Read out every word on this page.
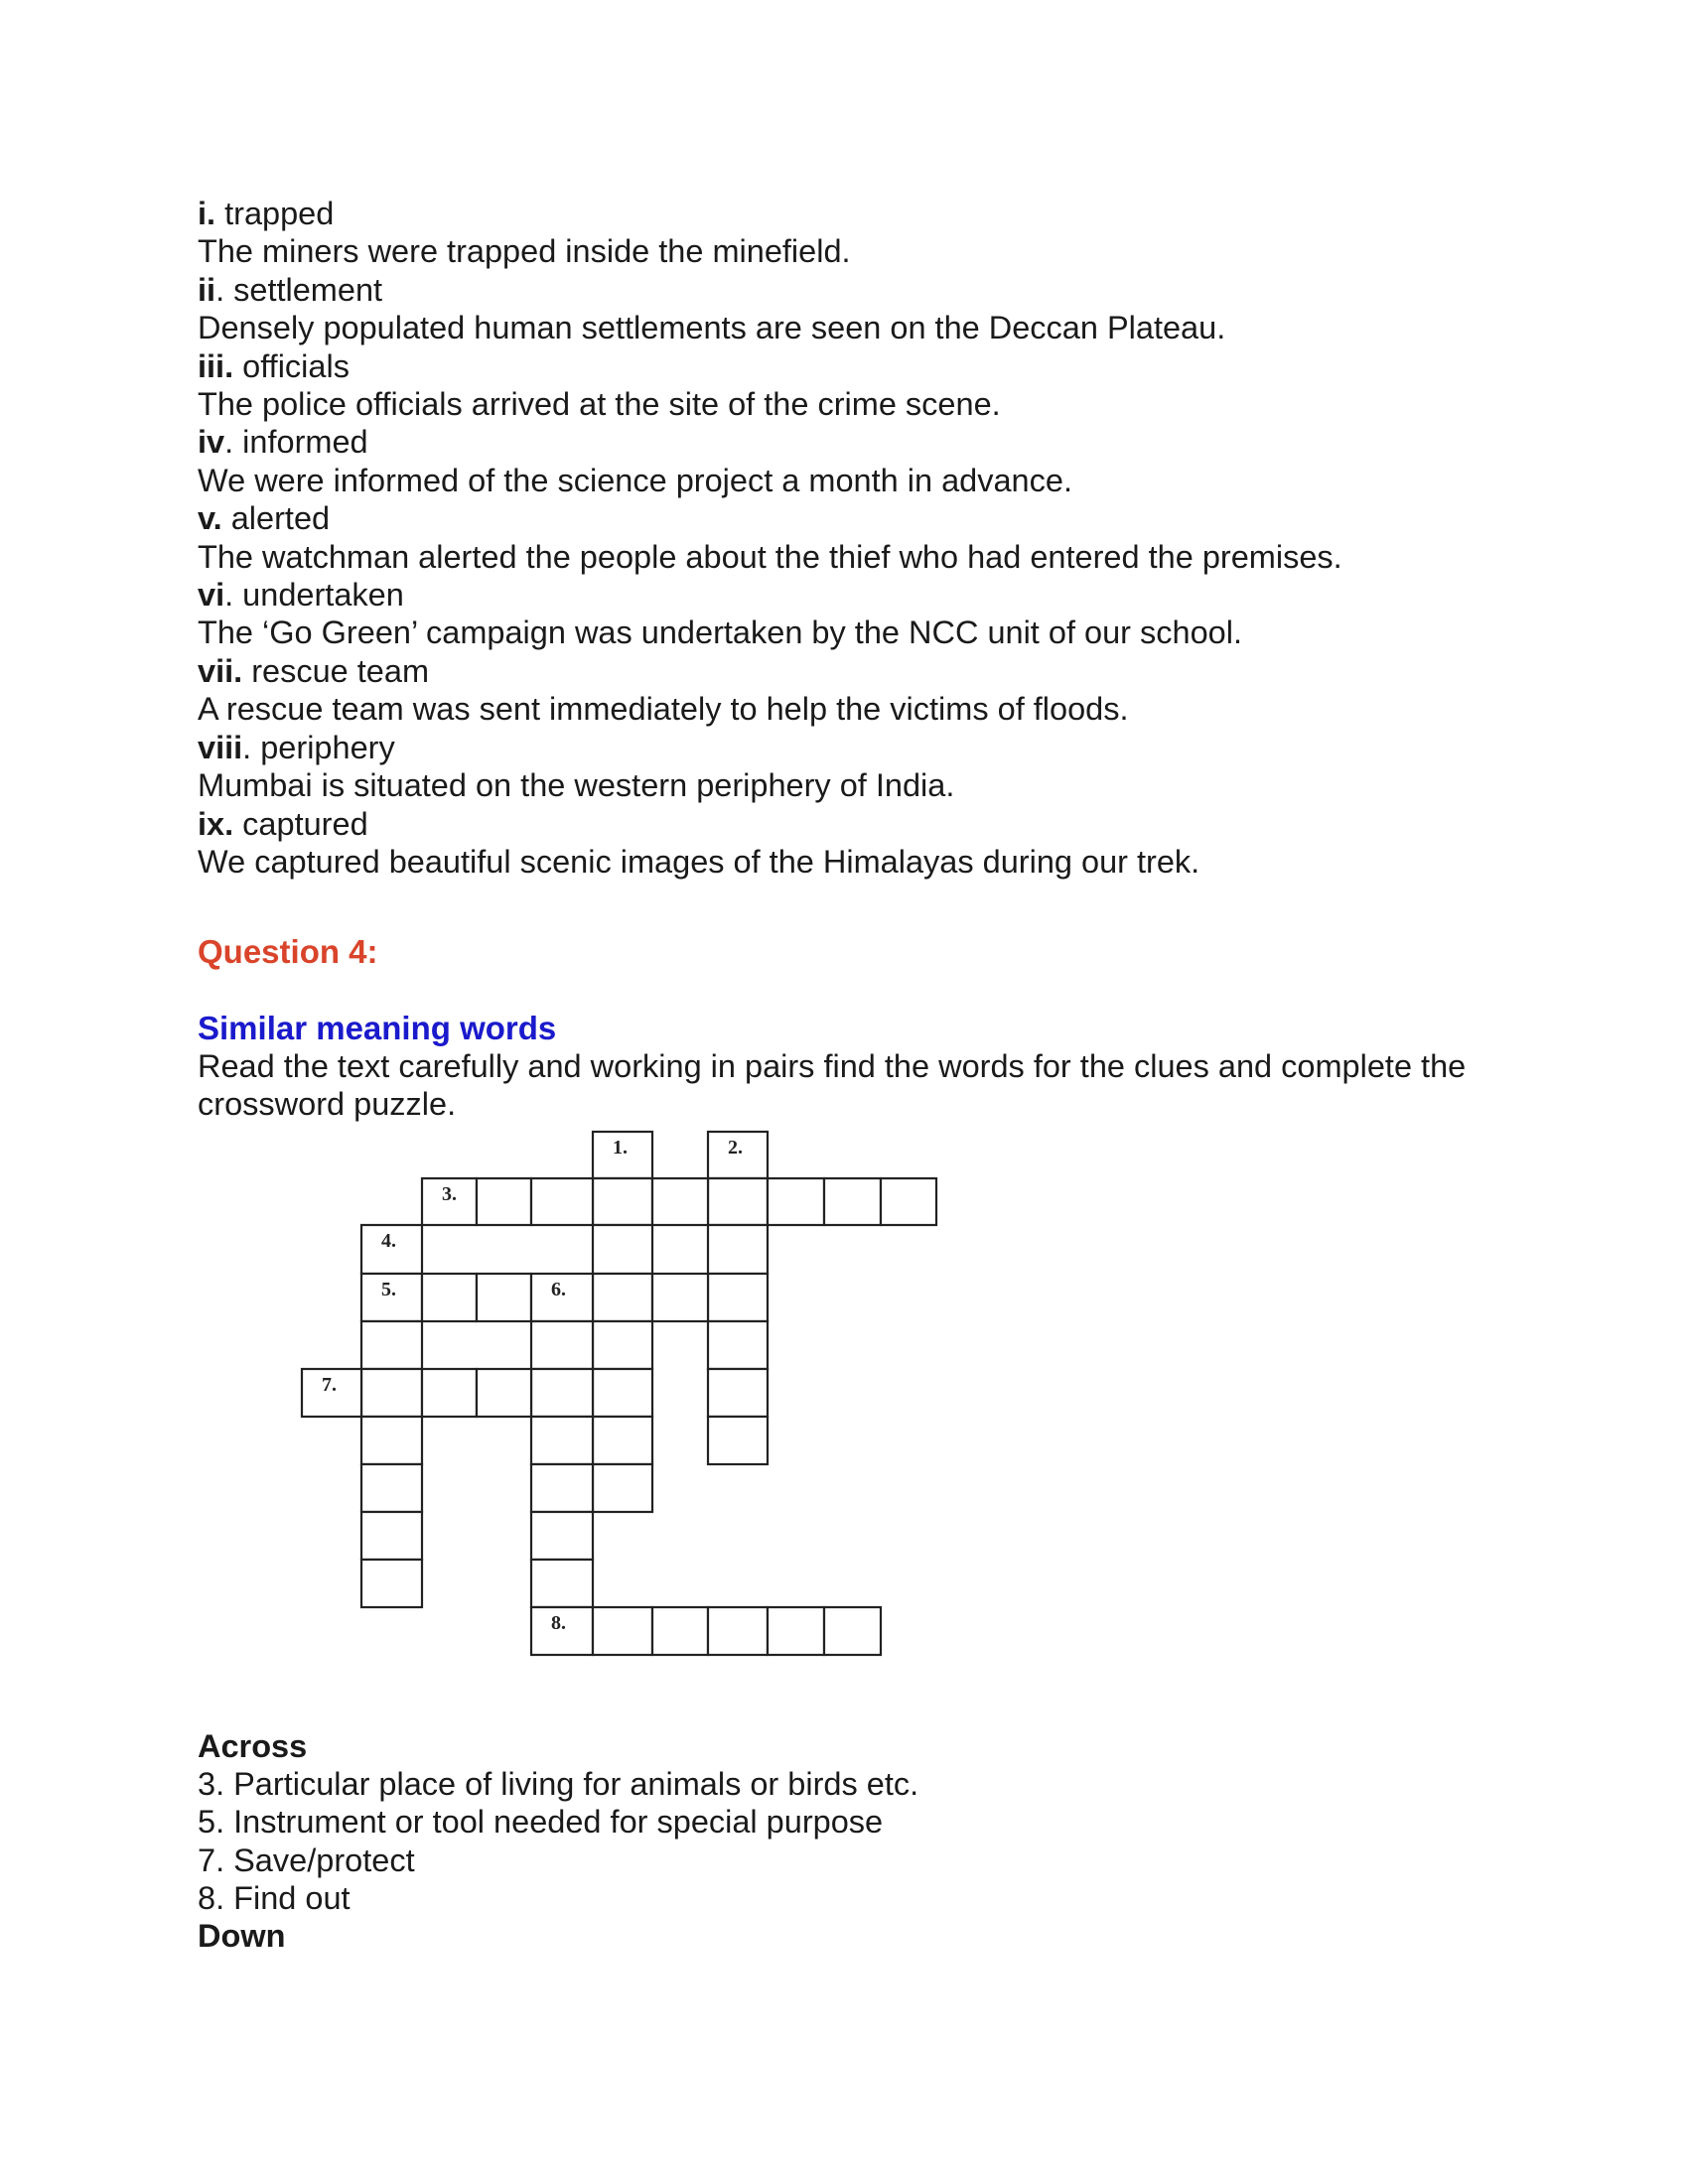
i. trapped
The miners were trapped inside the minefield.
ii. settlement
Densely populated human settlements are seen on the Deccan Plateau.
iii. officials
The police officials arrived at the site of the crime scene.
iv. informed
We were informed of the science project a month in advance.
v. alerted
The watchman alerted the people about the thief who had entered the premises.
vi. undertaken
The ‘Go Green’ campaign was undertaken by the NCC unit of our school.
vii. rescue team
A rescue team was sent immediately to help the victims of floods.
viii. periphery
Mumbai is situated on the western periphery of India.
ix. captured
We captured beautiful scenic images of the Himalayas during our trek.
Question 4:
Similar meaning words
Read the text carefully and working in pairs find the words for the clues and complete the crossword puzzle.
1.	2.
3.
4.
5.	6.
7.
8.
Across
3. Particular place of living for animals or birds etc.
5. Instrument or tool needed for special purpose
7. Save/protect
8. Find out
Down
